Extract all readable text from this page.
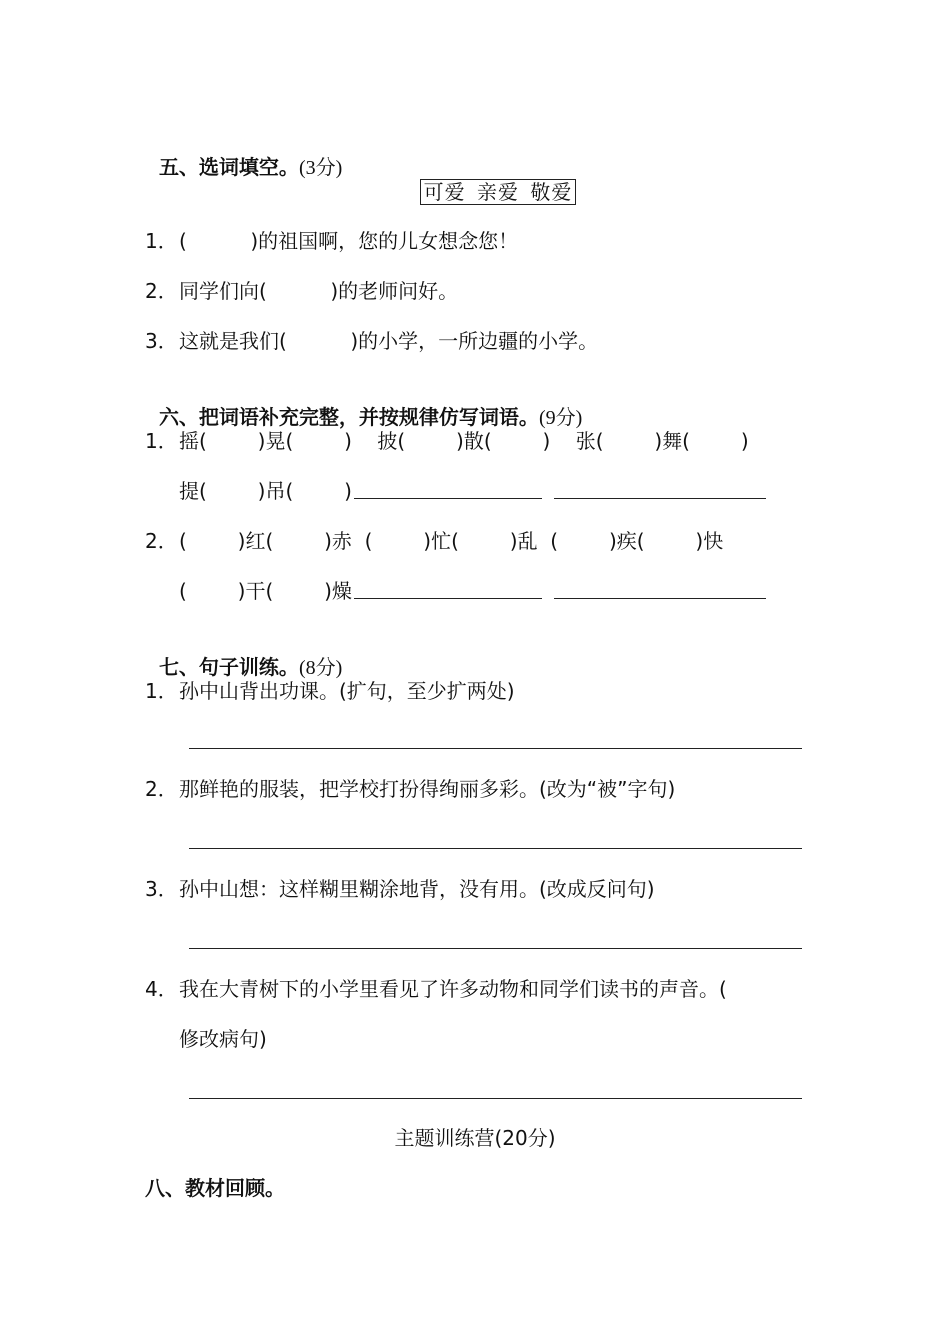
五、选词填空。(3分)

可爱 亲爱 敬爱
1． (          )的祖国啊，您的儿女想念您！
2． 同学们向(          )的老师问好。
3． 这就是我们(          )的小学，一所边疆的小学。

六、把词语补充完整，并按规律仿写词语。(9分)

1． 摇(        )晃(        )    披(        )散(        )    张(        )舞(        )
提(        )吊(        )
2． (        )红(        )赤  (        )忙(        )乱  (        )疾(        )快
(        )干(        )燥

七、句子训练。(8分)

1． 孙中山背出功课。(扩句，至少扩两处)
2． 那鲜艳的服装，把学校打扮得绚丽多彩。(改为“被”字句)
3． 孙中山想：这样糊里糊涂地背，没有用。(改成反问句)
4． 我在大青树下的小学里看见了许多动物和同学们读书的声音。(
修改病句)
主题训练营(20分)
八、教材回顾。
